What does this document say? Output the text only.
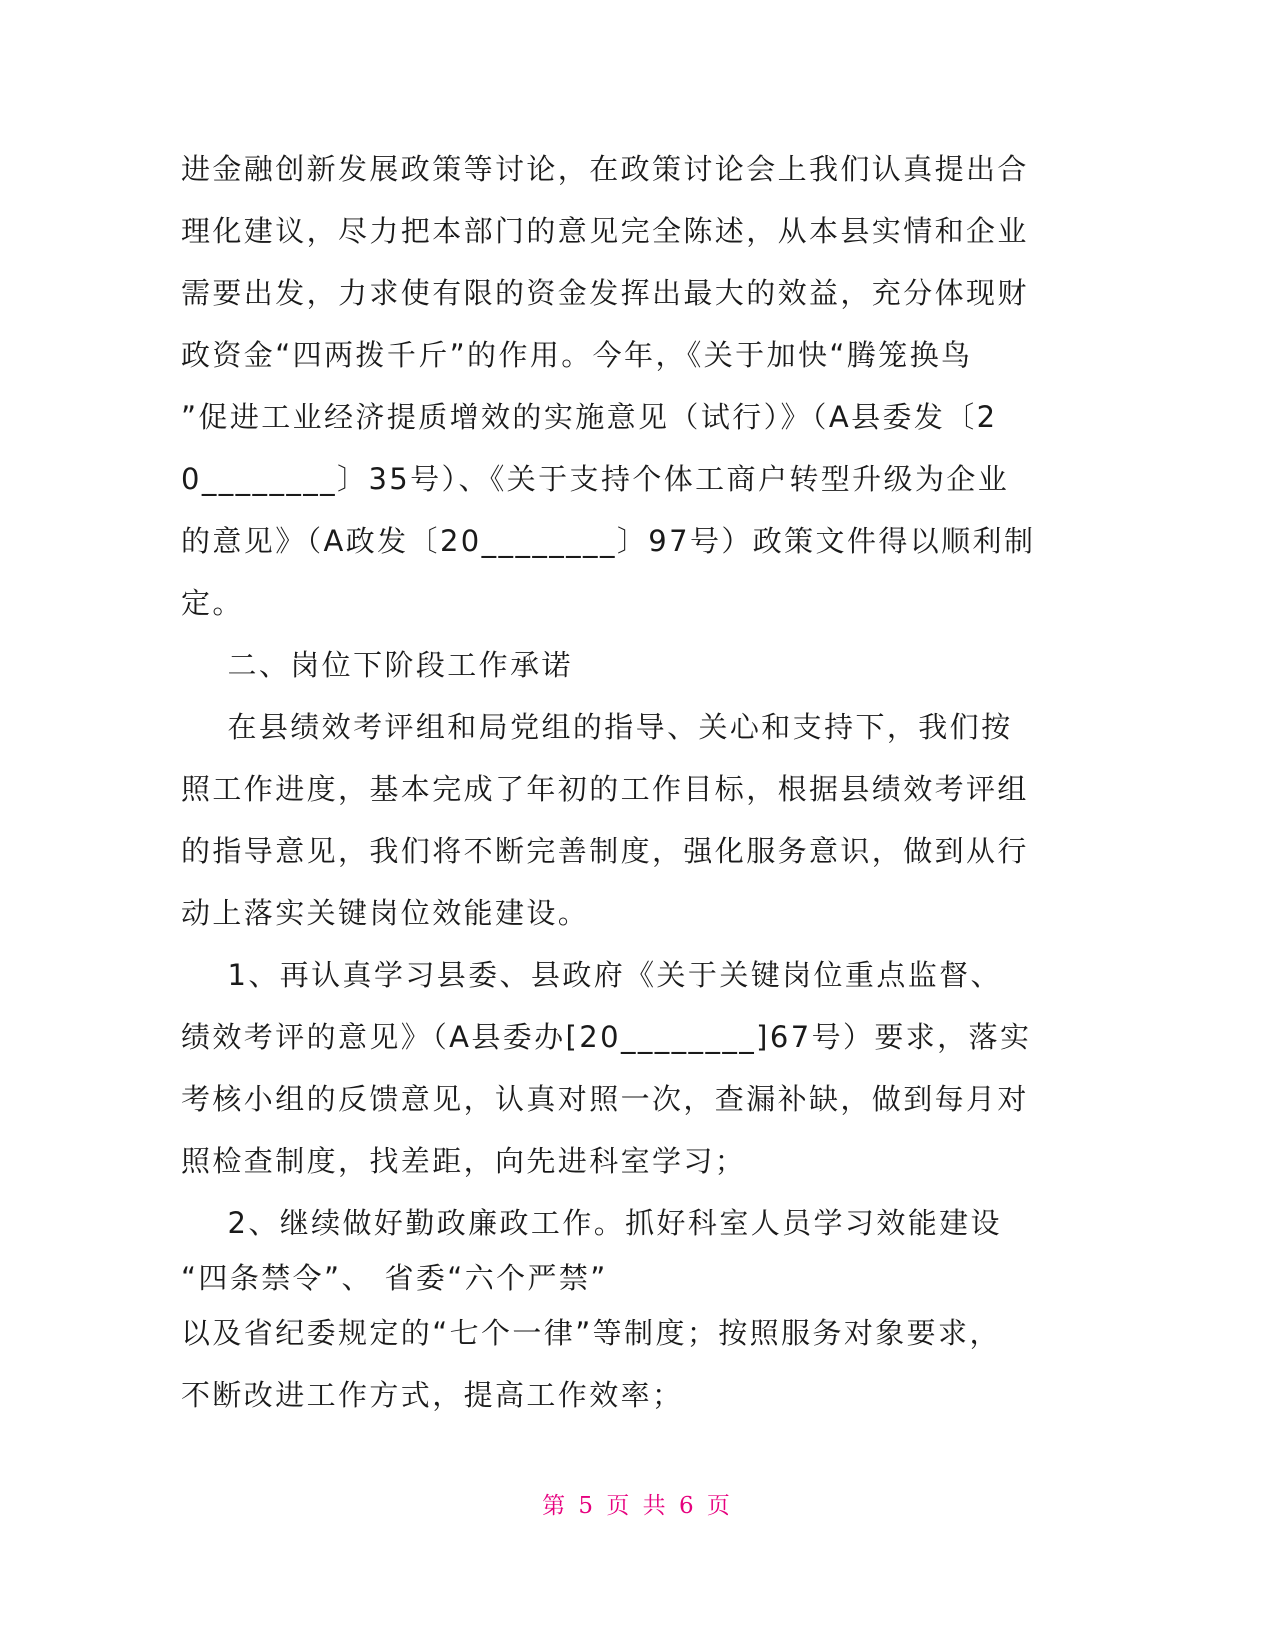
进金融创新发展政策等讨论，在政策讨论会上我们认真提出合
理化建议，尽力把本部门的意见完全陈述，从本县实情和企业
需要出发，力求使有限的资金发挥出最大的效益，充分体现财
政资金“四两拨千斤”的作用。今年，《关于加快“腾笼换鸟
”促进工业经济提质增效的实施意见（试行）》（A县委发〔2
0________〕35号）、《关于支持个体工商户转型升级为企业
的意见》（A政发〔20________〕97号）政策文件得以顺利制
定。
二、岗位下阶段工作承诺
在县绩效考评组和局党组的指导、关心和支持下，我们按
照工作进度，基本完成了年初的工作目标，根据县绩效考评组
的指导意见，我们将不断完善制度，强化服务意识，做到从行
动上落实关键岗位效能建设。
1、再认真学习县委、县政府《关于关键岗位重点监督、
绩效考评的意见》（A县委办[20________]67号）要求，落实
考核小组的反馈意见，认真对照一次，查漏补缺，做到每月对
照检查制度，找差距，向先进科室学习；
2、继续做好勤政廉政工作。抓好科室人员学习效能建设
“四条禁令”、 省委“六个严禁”
以及省纪委规定的“七个一律”等制度；按照服务对象要求，
不断改进工作方式，提高工作效率；
第 5 页 共 6 页
